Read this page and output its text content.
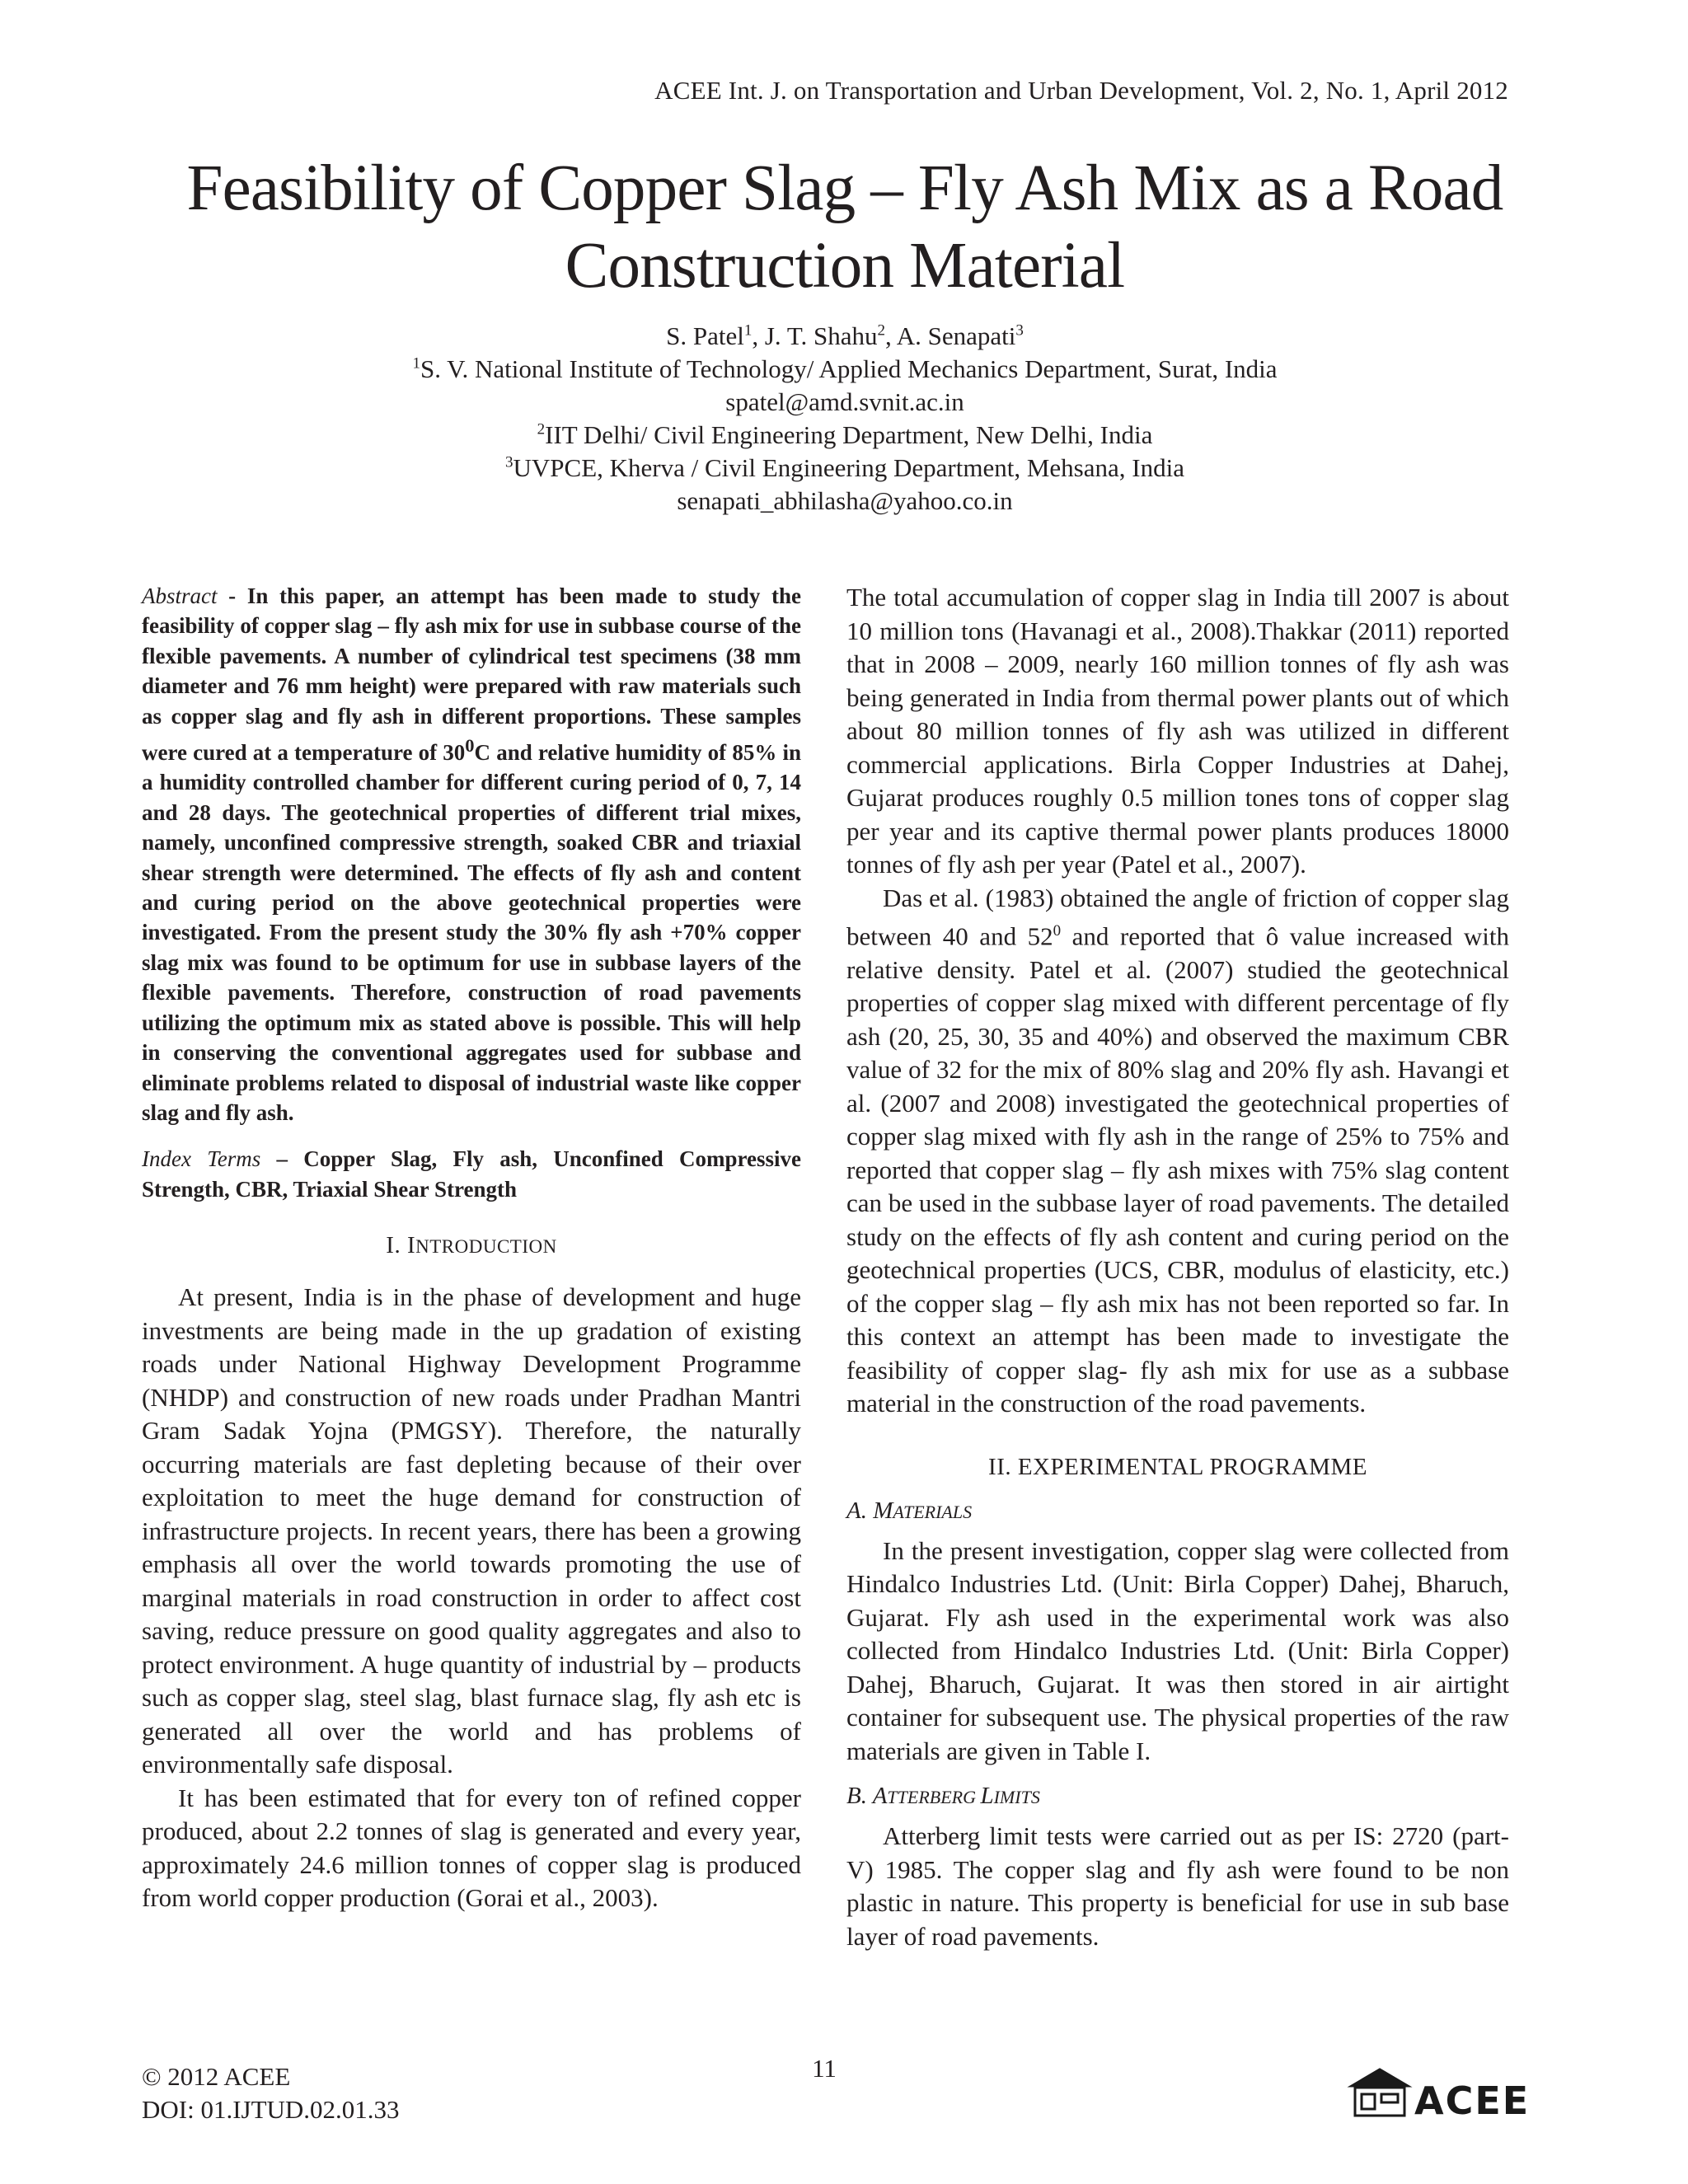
ACEE Int. J. on Transportation and Urban Development, Vol. 2, No. 1, April 2012
Feasibility of Copper Slag – Fly Ash Mix as a Road
Construction Material
S. Patel$^1$, J. T. Shahu$^2$, A. Senapati$^3$
$^1$S. V. National Institute of Technology/ Applied Mechanics Department, Surat, India
spatel@amd.svnit.ac.in
$^2$IIT Delhi/ Civil Engineering Department, New Delhi, India
$^3$UVPCE, Kherva / Civil Engineering Department, Mehsana, India
senapati_abhilasha@yahoo.co.in
Abstract - In this paper, an attempt has been made to study the feasibility of copper slag – fly ash mix for use in subbase course of the flexible pavements. A number of cylindrical test specimens (38 mm diameter and 76 mm height) were prepared with raw materials such as copper slag and fly ash in different proportions. These samples were cured at a temperature of $30^0C$ and relative humidity of 85% in a humidity controlled chamber for different curing period of 0, 7, 14 and 28 days. The geotechnical properties of different trial mixes, namely, unconfined compressive strength, soaked CBR and triaxial shear strength were determined. The effects of fly ash and content and curing period on the above geotechnical properties were investigated. From the present study the 30% fly ash +70% copper slag mix was found to be optimum for use in subbase layers of the flexible pavements. Therefore, construction of road pavements utilizing the optimum mix as stated above is possible. This will help in conserving the conventional aggregates used for subbase and eliminate problems related to disposal of industrial waste like copper slag and fly ash.
Index Terms – Copper Slag, Fly ash, Unconfined Compressive Strength, CBR, Triaxial Shear Strength
I. INTRODUCTION

At present, India is in the phase of development and huge investments are being made in the up gradation of existing roads under National Highway Development Programme (NHDP) and construction of new roads under Pradhan Mantri Gram Sadak Yojna (PMGSY). Therefore, the naturally occurring materials are fast depleting because of their over exploitation to meet the huge demand for construction of infrastructure projects. In recent years, there has been a growing emphasis all over the world towards promoting the use of marginal materials in road construction in order to affect cost saving, reduce pressure on good quality aggregates and also to protect environment. A huge quantity of industrial by – products such as copper slag, steel slag, blast furnace slag, fly ash etc is generated all over the world and has problems of environmentally safe disposal.

It has been estimated that for every ton of refined copper produced, about 2.2 tonnes of slag is generated and every year, approximately 24.6 million tonnes of copper slag is produced from world copper production (Gorai et al., 2003).

The total accumulation of copper slag in India till 2007 is about 10 million tons (Havanagi et al., 2008).Thakkar (2011) reported that in 2008 – 2009, nearly 160 million tonnes of fly ash was being generated in India from thermal power plants out of which about 80 million tonnes of fly ash was utilized in different commercial applications. Birla Copper Industries at Dahej, Gujarat produces roughly 0.5 million tones tons of copper slag per year and its captive thermal power plants produces 18000 tonnes of fly ash per year (Patel et al., 2007).

Das et al. (1983) obtained the angle of friction of copper slag between 40 and $52^0$ and reported that ô value increased with relative density. Patel et al. (2007) studied the geotechnical properties of copper slag mixed with different percentage of fly ash (20, 25, 30, 35 and 40%) and observed the maximum CBR value of 32 for the mix of 80% slag and 20% fly ash. Havangi et al. (2007 and 2008) investigated the geotechnical properties of copper slag mixed with fly ash in the range of 25% to 75% and reported that copper slag – fly ash mixes with 75% slag content can be used in the subbase layer of road pavements. The detailed study on the effects of fly ash content and curing period on the geotechnical properties (UCS, CBR, modulus of elasticity, etc.) of the copper slag – fly ash mix has not been reported so far. In this context an attempt has been made to investigate the feasibility of copper slag- fly ash mix for use as a subbase material in the construction of the road pavements.

II. EXPERIMENTAL PROGRAMME
A. MATERIALS

In the present investigation, copper slag were collected from Hindalco Industries Ltd. (Unit: Birla Copper) Dahej, Bharuch, Gujarat. Fly ash used in the experimental work was also collected from Hindalco Industries Ltd. (Unit: Birla Copper) Dahej, Bharuch, Gujarat. It was then stored in air airtight container for subsequent use. The physical properties of the raw materials are given in Table I.

B. ATTERBERG LIMITS

Atterberg limit tests were carried out as per IS: 2720 (part-V) 1985. The copper slag and fly ash were found to be non plastic in nature. This property is beneficial for use in sub base layer of road pavements.

© 2012 ACEE
DOI: 01.IJTUD.02.01.33
11
ACEE
